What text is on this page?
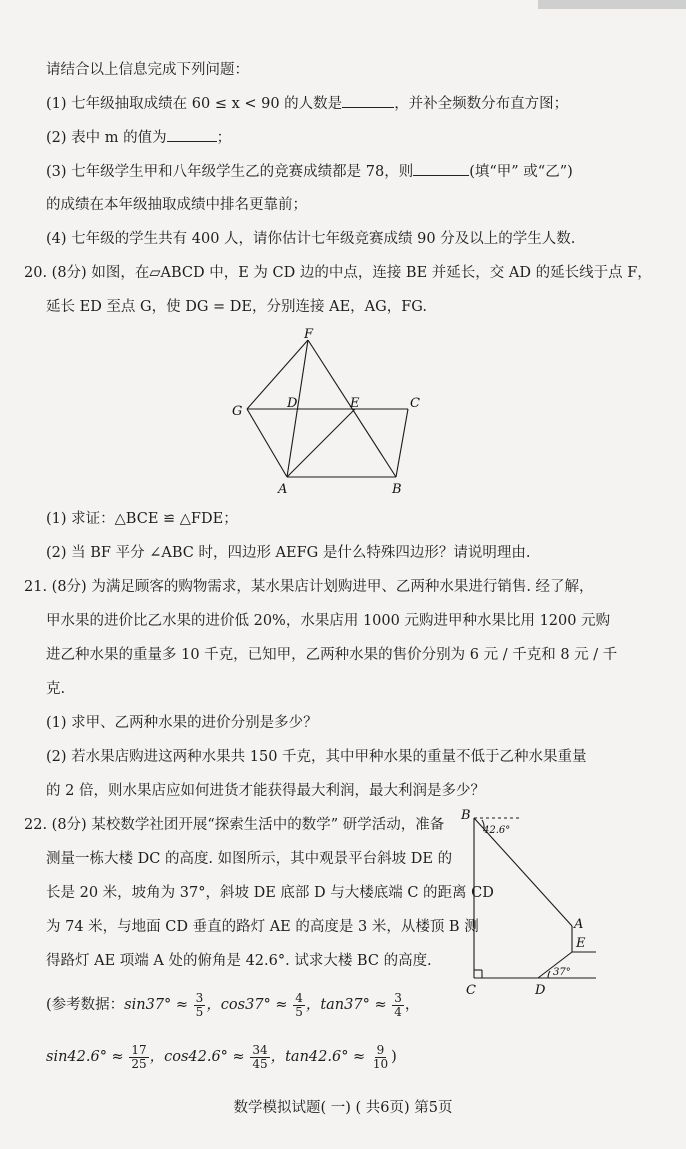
请结合以上信息完成下列问题：
(1) 七年级抽取成绩在 60 ≤ x < 90 的人数是	，并补全频数分布直方图；
(2) 表中 m 的值为	；
(3) 七年级学生甲和八年级学生乙的竞赛成绩都是 78，则	(填“甲” 或“乙”)
的成绩在本年级抽取成绩中排名更靠前；
(4) 七年级的学生共有 400 人，请你估计七年级竞赛成绩 90 分及以上的学生人数.
20. (8分) 如图，在▱ABCD 中，E 为 CD 边的中点，连接 BE 并延长，交 AD 的延长线于点 F，
延长 ED 至点 G，使 DG = DE，分别连接 AE，AG，FG.
F
G
D	E	C
A	B
(1) 求证：△BCE ≌ △FDE；
(2) 当 BF 平分 ∠ABC 时，四边形 AEFG 是什么特殊四边形？请说明理由.
21. (8分) 为满足顾客的购物需求，某水果店计划购进甲、乙两种水果进行销售. 经了解，
甲水果的进价比乙水果的进价低 20%，水果店用 1000 元购进甲种水果比用 1200 元购
进乙种水果的重量多 10 千克，已知甲，乙两种水果的售价分别为 6 元 / 千克和 8 元 / 千
克.
(1) 求甲、乙两种水果的进价分别是多少？
(2) 若水果店购进这两种水果共 150 千克，其中甲种水果的重量不低于乙种水果重量
的 2 倍，则水果店应如何进货才能获得最大利润，最大利润是多少？
22. (8分) 某校数学社团开展“探索生活中的数学” 研学活动，准备
测量一栋大楼 DC 的高度. 如图所示，其中观景平台斜坡 DE 的
长是 20 米，坡角为 37°，斜坡 DE 底部 D 与大楼底端 C 的距离 CD
为 74 米，与地面 CD 垂直的路灯 AE 的高度是 3 米，从楼顶 B 测
得路灯 AE 项端 A 处的俯角是 42.6°. 试求大楼 BC 的高度.
(参考数据：$\sin 37^\circ \approx \frac{3}{5}$ ，$\cos 37^\circ \approx \frac{4}{5}$ ，$\tan 37^\circ \approx \frac{3}{4}$ ，
$\sin 42.6^\circ \approx \frac{17}{25}$ ，$\cos 42.6^\circ \approx \frac{34}{45}$ ，$\tan 42.6^\circ \approx \frac{9}{10}$ )
B
42.6°
A
E
37°
C	D
数学模拟试题( 一) ( 共6页) 第5页
